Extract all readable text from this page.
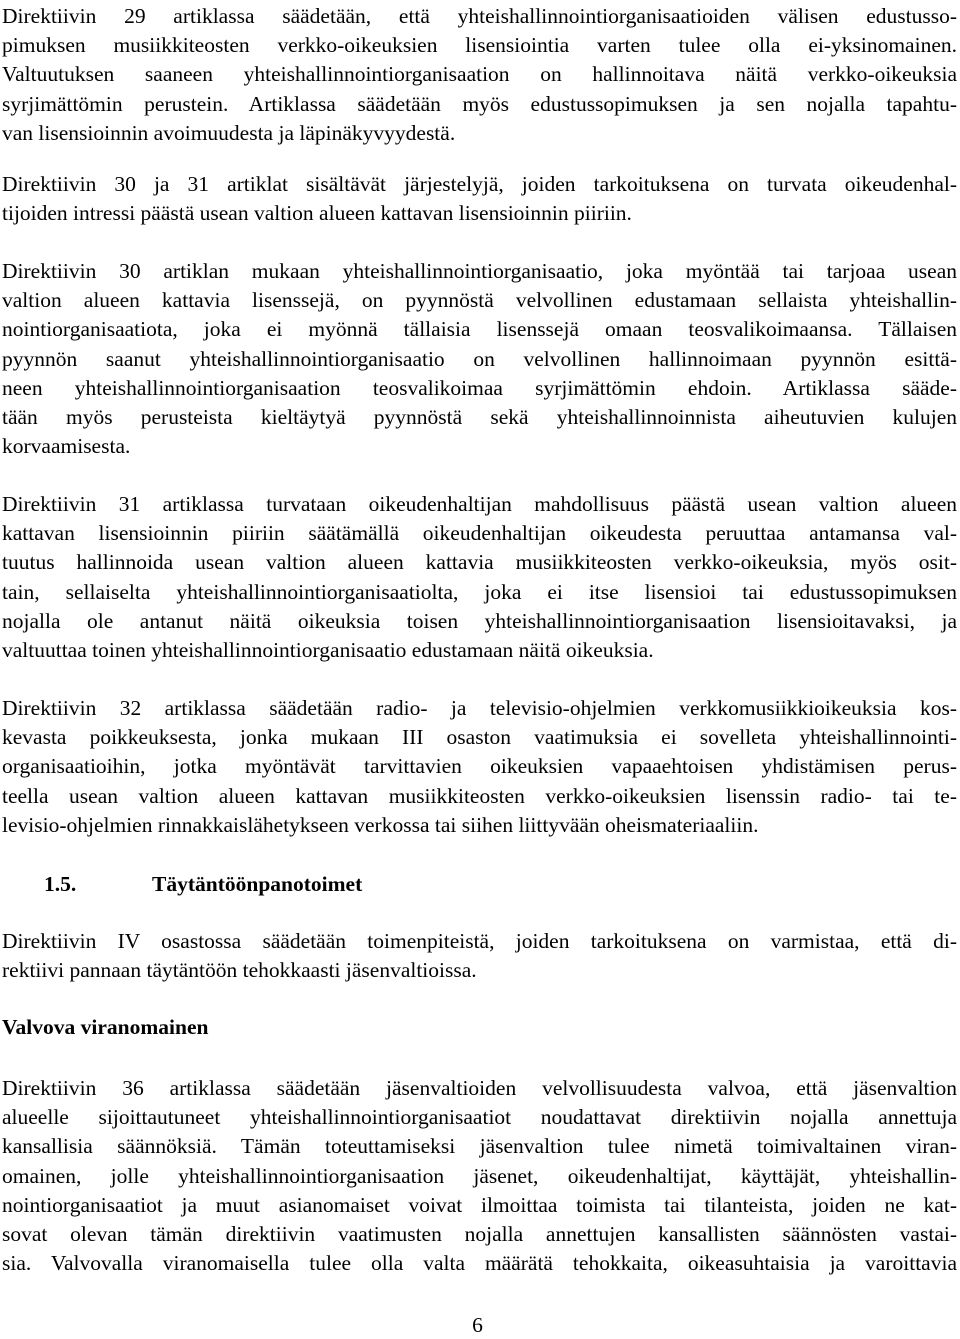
Direktiivin 29 artiklassa säädetään, että yhteishallinnointiorganisaatioiden välisen edustusso-
pimuksen musiikkiteosten verkko-oikeuksien lisensiointia varten tulee olla ei-yksinomainen.
Valtuutuksen saaneen yhteishallinnointiorganisaation on hallinnoitava näitä verkko-oikeuksia
syrjimättömin perustein. Artiklassa säädetään myös edustussopimuksen ja sen nojalla tapahtu-
van lisensioinnin avoimuudesta ja läpinäkyvyydestä.
Direktiivin 30 ja 31 artiklat sisältävät järjestelyjä, joiden tarkoituksena on turvata oikeudenhal-
tijoiden intressi päästä usean valtion alueen kattavan lisensioinnin piiriin.
Direktiivin 30 artiklan mukaan yhteishallinnointiorganisaatio, joka myöntää tai tarjoaa usean
valtion alueen kattavia lisenssejä, on pyynnöstä velvollinen edustamaan sellaista yhteishallin-
nointiorganisaatiota, joka ei myönnä tällaisia lisenssejä omaan teosvalikoimaansa. Tällaisen
pyynnön saanut yhteishallinnointiorganisaatio on velvollinen hallinnoimaan pyynnön esittä-
neen yhteishallinnointiorganisaation teosvalikoimaa syrjimättömin ehdoin. Artiklassa sääde-
tään myös perusteista kieltäytyä pyynnöstä sekä yhteishallinnoinnista aiheutuvien kulujen
korvaamisesta.
Direktiivin 31 artiklassa turvataan oikeudenhaltijan mahdollisuus päästä usean valtion alueen
kattavan lisensioinnin piiriin säätämällä oikeudenhaltijan oikeudesta peruuttaa antamansa val-
tuutus hallinnoida usean valtion alueen kattavia musiikkiteosten verkko-oikeuksia, myös osit-
tain, sellaiselta yhteishallinnointiorganisaatiolta, joka ei itse lisensioi tai edustussopimuksen
nojalla ole antanut näitä oikeuksia toisen yhteishallinnointiorganisaation lisensioitavaksi, ja
valtuuttaa toinen yhteishallinnointiorganisaatio edustamaan näitä oikeuksia.
Direktiivin 32 artiklassa säädetään radio- ja televisio-ohjelmien verkkomusiikkioikeuksia kos-
kevasta poikkeuksesta, jonka mukaan III osaston vaatimuksia ei sovelleta yhteishallinnointi-
organisaatioihin, jotka myöntävät tarvittavien oikeuksien vapaaehtoisen yhdistämisen perus-
teella usean valtion alueen kattavan musiikkiteosten verkko-oikeuksien lisenssin radio- tai te-
levisio-ohjelmien rinnakkaislähetykseen verkossa tai siihen liittyvään oheismateriaaliin.
1.5.	Täytäntöönpanotoimet
Direktiivin IV osastossa säädetään toimenpiteistä, joiden tarkoituksena on varmistaa, että di-
rektiivi pannaan täytäntöön tehokkaasti jäsenvaltioissa.
Valvova viranomainen
Direktiivin 36 artiklassa säädetään jäsenvaltioiden velvollisuudesta valvoa, että jäsenvaltion
alueelle sijoittautuneet yhteishallinnointiorganisaatiot noudattavat direktiivin nojalla annettuja
kansallisia säännöksiä. Tämän toteuttamiseksi jäsenvaltion tulee nimetä toimivaltainen viran-
omainen, jolle yhteishallinnointiorganisaation jäsenet, oikeudenhaltijat, käyttäjät, yhteishallin-
nointiorganisaatiot ja muut asianomaiset voivat ilmoittaa toimista tai tilanteista, joiden ne kat-
sovat olevan tämän direktiivin vaatimusten nojalla annettujen kansallisten säännösten vastai-
sia. Valvovalla viranomaisella tulee olla valta määrätä tehokkaita, oikeasuhtaisia ja varoittavia
6
